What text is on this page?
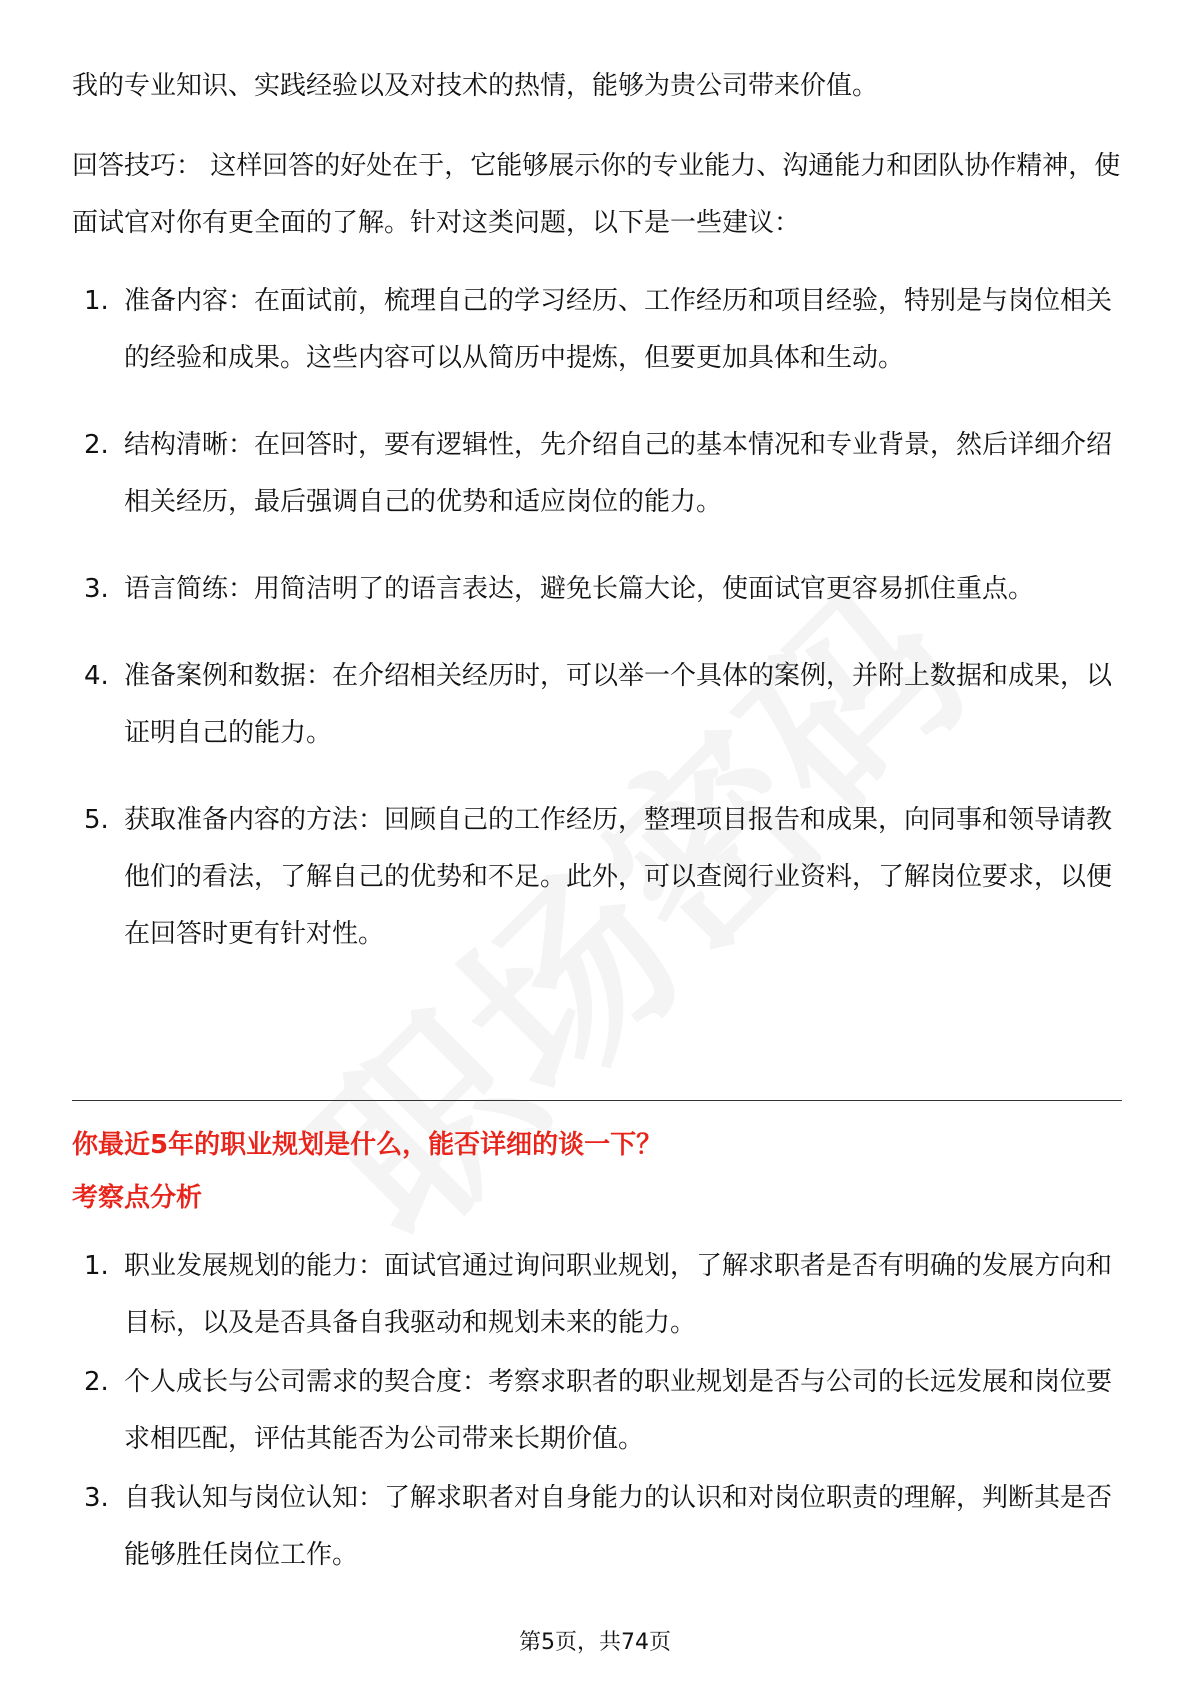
我的专业知识、实践经验以及对技术的热情，能够为贵公司带来价值。

回答技巧： 这样回答的好处在于，它能够展示你的专业能力、沟通能力和团队协作精神，使面试官对你有更全面的了解。针对这类问题，以下是一些建议：

1. 准备内容：在面试前，梳理自己的学习经历、工作经历和项目经验，特别是与岗位相关的经验和成果。这些内容可以从简历中提炼，但要更加具体和生动。
2. 结构清晰：在回答时，要有逻辑性，先介绍自己的基本情况和专业背景，然后详细介绍相关经历，最后强调自己的优势和适应岗位的能力。
3. 语言简练：用简洁明了的语言表达，避免长篇大论，使面试官更容易抓住重点。
4. 准备案例和数据：在介绍相关经历时，可以举一个具体的案例，并附上数据和成果，以证明自己的能力。
5. 获取准备内容的方法：回顾自己的工作经历，整理项目报告和成果，向同事和领导请教他们的看法，了解自己的优势和不足。此外，可以查阅行业资料，了解岗位要求，以便在回答时更有针对性。
你最近5年的职业规划是什么，能否详细的谈一下？
考察点分析
1. 职业发展规划的能力：面试官通过询问职业规划，了解求职者是否有明确的发展方向和目标，以及是否具备自我驱动和规划未来的能力。
2. 个人成长与公司需求的契合度：考察求职者的职业规划是否与公司的长远发展和岗位要求相匹配，评估其能否为公司带来长期价值。
3. 自我认知与岗位认知：了解求职者对自身能力的认识和对岗位职责的理解，判断其是否能够胜任岗位工作。
第5页，共74页
